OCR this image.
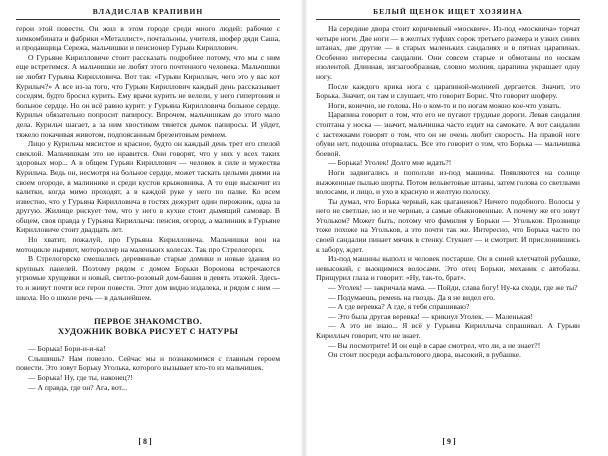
ВЛАДИСЛАВ КРАПИВИН

герои этой повести. Он жил в этом городе среди много людей: рабочие с химкомбината и фабрики «Металлист», почтальоны, учителя, шофер дяди Саша, и продавщица Сережа, мальчишки и пенсионер Гурьян Кириллович.

О Гурьяне Кирилловиче стоит рассказать подробнее потому, что мы с ним еще встретимся. А мальчишки не любят этого почтенного человека. Мальчишки не любят Гурьяна Кирилловича. Вот так: «Гурьян Кириллыч, чего это у вас кот Курилыч?» А все из-за того, что Гурьян Кириллович каждый день рассказывает соседям, будто бросил курить. Ему врачи курить не велели, у него гипертония и больное сердце. Но он всё равно курит: у Гурьяна Кирилловича больное сердце. Курильч обязательно попросит папиросу. Впрочем, мальчишкам до этого мало дела. Курильч шагает, а за ним хвостиком тянется дымок папиросы. И уйдет, тяжело покачивая животом, подпоясанным брезентовым ремнем.

Лицо у Курильча мясистое и красное, будто он каждый день трет его спелой свеклой. Мальчишкам это не нравится. Они говорят, что у них у всех таких здоровых мор... А в общем Гурьян Кириллович — человек в силе и мужества Курильча. Ведь он, несмотря на больное сердце, может таскать целыми днями на своем огороде, в малиннике и среди кустов крыжовника. А то еще выскочит из калитки, когда мимо проходят, а в каждой руке у него по палке. Ко всем известно, что у Гурьяна Кирилловича в гостях дежурит один пирожник, одна за другую. Жилище рискует тем, что у него в кухне стоит дымящий самовар. В общем, своя правда у Гурьяна Кириллыча: пенсия, огород, а малинник в Гурьяне Кирилловиче стоит двадцать лет.

Но хватит, пожалуй, про Гурьяна Кирилловича. Мальчишки вон на мотоцикле ныряют, мотороллер на маленьких колесах. Так про Стрелогорск.

В Стрелогорске смешались деревянные старые домики и новые здания из крупных панелей. Поэтому рядом с домом Борьки Воронова встречаются угрюмые хрущевки и новый, светло-розовый дом-башня в девять этажей. Здесь-то и живут почти все герои повести. Этот дом видно издалека, и рядом с ним — школа. Но о школе речь — в дальнейшем.

ПЕРВОЕ ЗНАКОМСТВО.
ХУДОЖНИК ВОВКА РИСУЕТ С НАТУРЫ

— Борька! Бори-и-и-ка!

Слышишь? Нам повезло. Сейчас мы и познакомимся с главным героем повести. Это зовут Борьку Уголька, которого вызывает кто-то из мальчишек.

— Борька! Ну, где ты, наконец?!

— А правда, где он? Ага, вот...

[ 8 ]
БЕЛЫЙ ЩЕНОК ИЩЕТ ХОЗЯИНА

На середине двора стоит коричневый «москвич». Из-под «москвича» торчат четыре ноги. Две ноги — в желтых туфлях сорок третьего размера и узких синих штанах, две другие — в старых маленьких сандалиях и в пятнах царапинах. Особенно интересны сандалии. Они совсем старые и обмотаны по носкам изолентой. Длинная, зигзагообразная, словно молния, царапина украшает одну ногу.

После каждого крика нога с царапиной-молнией дергается. Значит, это Борька. Значит, он там и слушает, что говорит Борис. Что говорит шоферу.

Ноги, конечно, не голова. Но о ком-то и по ногам можно кое-что узнать.

Царапина говорит о том, что его не пугают трудные дороги. Левая сандалия стоптана у носка — значит, мальчишка часто ездит на самокате. А вот сандалии с застежками говорят о том, что он не очень любит скорость. На правой ноге обуви нет, подошва оторвалась. Все это говорит о том, что Борька — мальчишка боевой.

— Борька! Уголек! Долго мне ждать?!

Ноги задвигались и поползли из-под машины. Появляются на солнце выжженные пылью шорты. Потом вельветовые штаны, затем голова со светлыми волосами, и лицо, и ухо в красную и желтую полоску.

Ты думал, что Борька черный, как цыганенок? Ничего подобного. Волосы у него не светлые, но и не черные, а самые обыкновенные. А почему же его зовут Угольком? Может быть, потому что фамилия у Борьки — Угольков. Прозвище тоже похоже на Угольков, а это почти так же. Интересно, что Борька часто по своей сандалии пинает мячик в стенку. Стукнет — и смотрит. И прислонившись к забору, ждет.

Из-под машины выполз и человек постарше. Он в синей клетчатой рубашке, невысокий, с вьющимися волосами. Это отец Борьки, механик с автобазы. Прищурил глаза и говорит: «Ну, так-то, брат».

— Уголек! — закричала мама. — Пойди, слава богу! Ну-ка сходи, где же ты?

— Подумаешь, ремень на гвоздь. Да я не видел его.

— А где веревка? А где, я тебя спрашиваю?

— Это была другая веревка! — крикнул Уголек. — Маленькая!

— А это не знаю... Я всё у Гурьяна Кириллыча спрашивал. А Гурьян Кириллыч говорит, что не знает.

— Вы посмотрите! И он ещё в сарае смотрел, что ли, а не знает?!

Он стоит посреди асфальтового двора, высокий, в рубашке.

[ 9 ]
